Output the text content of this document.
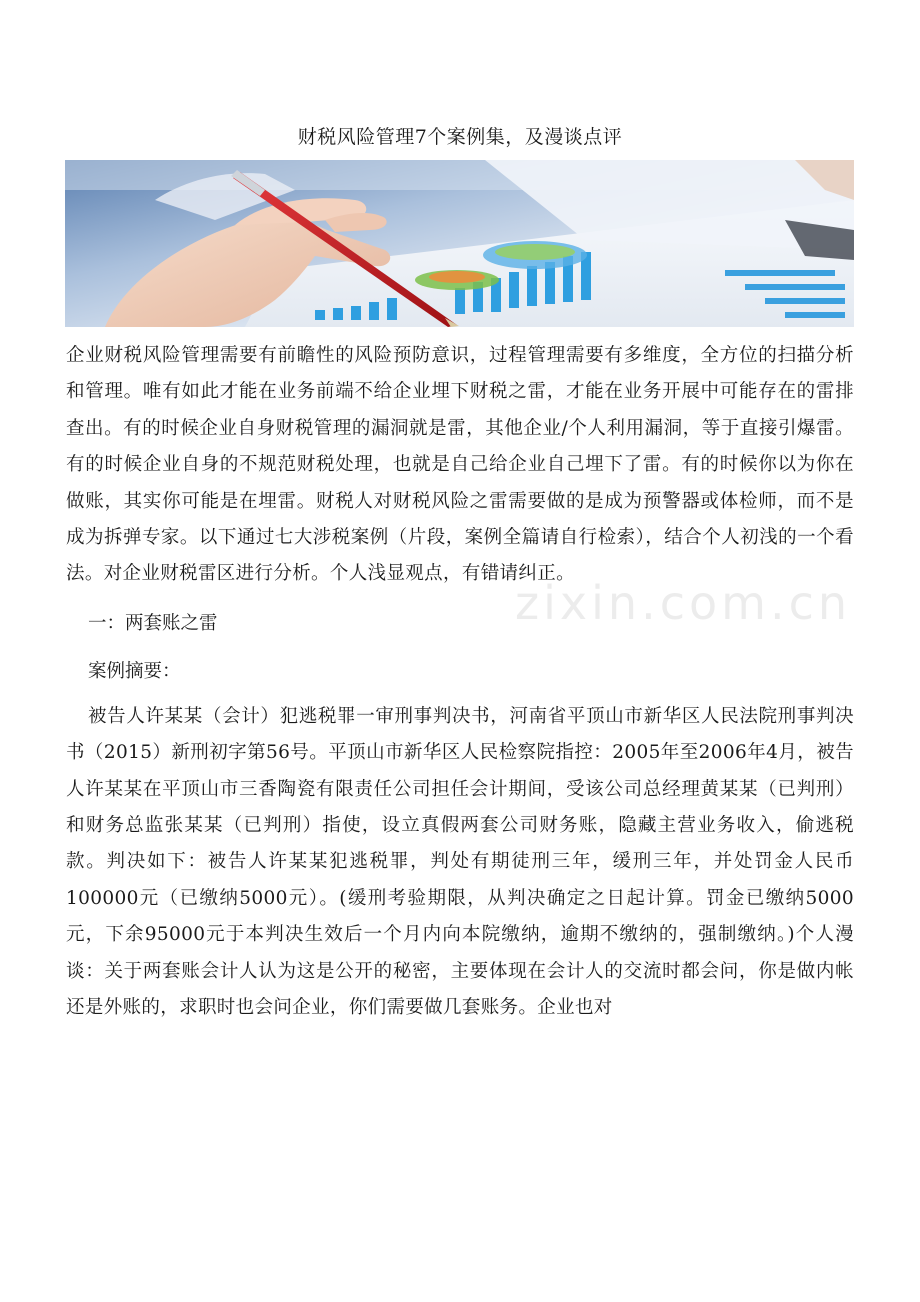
财税风险管理7个案例集，及漫谈点评
zixin.com.cn

企业财税风险管理需要有前瞻性的风险预防意识，过程管理需要有多维度，全方位的扫描分析和管理。唯有如此才能在业务前端不给企业埋下财税之雷，才能在业务开展中可能存在的雷排查出。有的时候企业自身财税管理的漏洞就是雷，其他企业/个人利用漏洞，等于直接引爆雷。有的时候企业自身的不规范财税处理，也就是自己给企业自己埋下了雷。有的时候你以为你在做账，其实你可能是在埋雷。财税人对财税风险之雷需要做的是成为预警器或体检师，而不是成为拆弹专家。以下通过七大涉税案例（片段，案例全篇请自行检索），结合个人初浅的一个看法。对企业财税雷区进行分析。个人浅显观点，有错请纠正。

一：两套账之雷

案例摘要：

被告人许某某（会计）犯逃税罪一审刑事判决书，河南省平顶山市新华区人民法院刑事判决书（2015）新刑初字第56号。平顶山市新华区人民检察院指控：2005年至2006年4月，被告人许某某在平顶山市三香陶瓷有限责任公司担任会计期间，受该公司总经理黄某某（已判刑）和财务总监张某某（已判刑）指使，设立真假两套公司财务账，隐藏主营业务收入，偷逃税款。判决如下：被告人许某某犯逃税罪，判处有期徒刑三年，缓刑三年，并处罚金人民币100000元（已缴纳5000元）。(缓刑考验期限，从判决确定之日起计算。罚金已缴纳5000元，下余95000元于本判决生效后一个月内向本院缴纳，逾期不缴纳的，强制缴纳。)个人漫谈：关于两套账会计人认为这是公开的秘密，主要体现在会计人的交流时都会问，你是做内帐还是外账的，求职时也会问企业，你们需要做几套账务。企业也对
